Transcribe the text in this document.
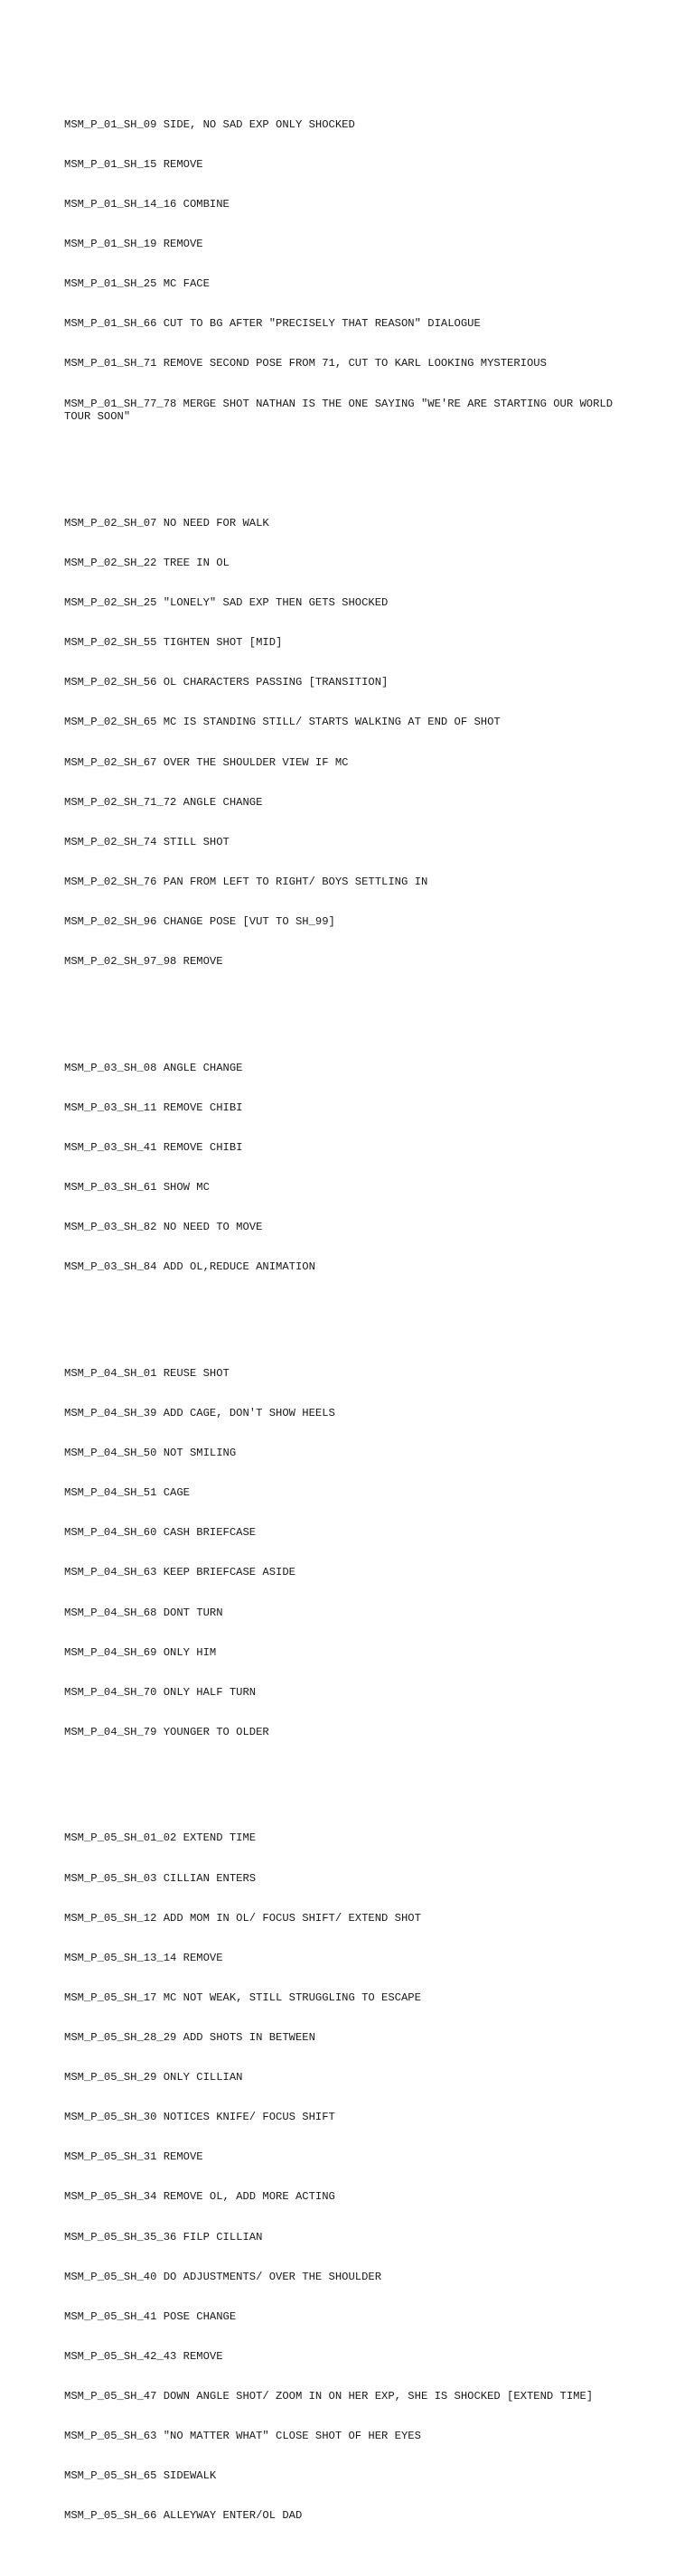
MSM_P_01_SH_09 SIDE, NO SAD EXP ONLY SHOCKED

MSM_P_01_SH_15 REMOVE

MSM_P_01_SH_14_16 COMBINE

MSM_P_01_SH_19 REMOVE

MSM_P_01_SH_25 MC FACE

MSM_P_01_SH_66 CUT TO BG AFTER "PRECISELY THAT REASON" DIALOGUE

MSM_P_01_SH_71 REMOVE SECOND POSE FROM 71, CUT TO KARL LOOKING MYSTERIOUS

MSM_P_01_SH_77_78 MERGE SHOT NATHAN IS THE ONE SAYING "WE'RE ARE STARTING OUR WORLD TOUR SOON"

MSM_P_02_SH_07 NO NEED FOR WALK

MSM_P_02_SH_22 TREE IN OL

MSM_P_02_SH_25 "LONELY" SAD EXP THEN GETS SHOCKED

MSM_P_02_SH_55 TIGHTEN SHOT [MID]

MSM_P_02_SH_56 OL CHARACTERS PASSING [TRANSITION]

MSM_P_02_SH_65 MC IS STANDING STILL/ STARTS WALKING AT END OF SHOT

MSM_P_02_SH_67 OVER THE SHOULDER VIEW IF MC

MSM_P_02_SH_71_72 ANGLE CHANGE

MSM_P_02_SH_74 STILL SHOT

MSM_P_02_SH_76 PAN FROM LEFT TO RIGHT/ BOYS SETTLING IN

MSM_P_02_SH_96 CHANGE POSE [VUT TO SH_99]

MSM_P_02_SH_97_98 REMOVE

MSM_P_03_SH_08 ANGLE CHANGE

MSM_P_03_SH_11 REMOVE CHIBI

MSM_P_03_SH_41 REMOVE CHIBI

MSM_P_03_SH_61 SHOW MC

MSM_P_03_SH_82 NO NEED TO MOVE

MSM_P_03_SH_84 ADD OL,REDUCE ANIMATION

MSM_P_04_SH_01 REUSE SHOT

MSM_P_04_SH_39 ADD CAGE, DON'T SHOW HEELS

MSM_P_04_SH_50 NOT SMILING

MSM_P_04_SH_51 CAGE

MSM_P_04_SH_60 CASH BRIEFCASE

MSM_P_04_SH_63 KEEP BRIEFCASE ASIDE

MSM_P_04_SH_68 DONT TURN

MSM_P_04_SH_69 ONLY HIM

MSM_P_04_SH_70 ONLY HALF TURN

MSM_P_04_SH_79 YOUNGER TO OLDER

MSM_P_05_SH_01_02 EXTEND TIME

MSM_P_05_SH_03 CILLIAN ENTERS

MSM_P_05_SH_12 ADD MOM IN OL/ FOCUS SHIFT/ EXTEND SHOT

MSM_P_05_SH_13_14 REMOVE

MSM_P_05_SH_17 MC NOT WEAK, STILL STRUGGLING TO ESCAPE

MSM_P_05_SH_28_29 ADD SHOTS IN BETWEEN

MSM_P_05_SH_29 ONLY CILLIAN

MSM_P_05_SH_30 NOTICES KNIFE/ FOCUS SHIFT

MSM_P_05_SH_31 REMOVE

MSM_P_05_SH_34 REMOVE OL, ADD MORE ACTING

MSM_P_05_SH_35_36 FILP CILLIAN

MSM_P_05_SH_40 DO ADJUSTMENTS/ OVER THE SHOULDER

MSM_P_05_SH_41 POSE CHANGE

MSM_P_05_SH_42_43 REMOVE

MSM_P_05_SH_47 DOWN ANGLE SHOT/ ZOOM IN ON HER EXP, SHE IS SHOCKED [EXTEND TIME]

MSM_P_05_SH_63 "NO MATTER WHAT" CLOSE SHOT OF HER EYES

MSM_P_05_SH_65 SIDEWALK

MSM_P_05_SH_66 ALLEYWAY ENTER/OL DAD
